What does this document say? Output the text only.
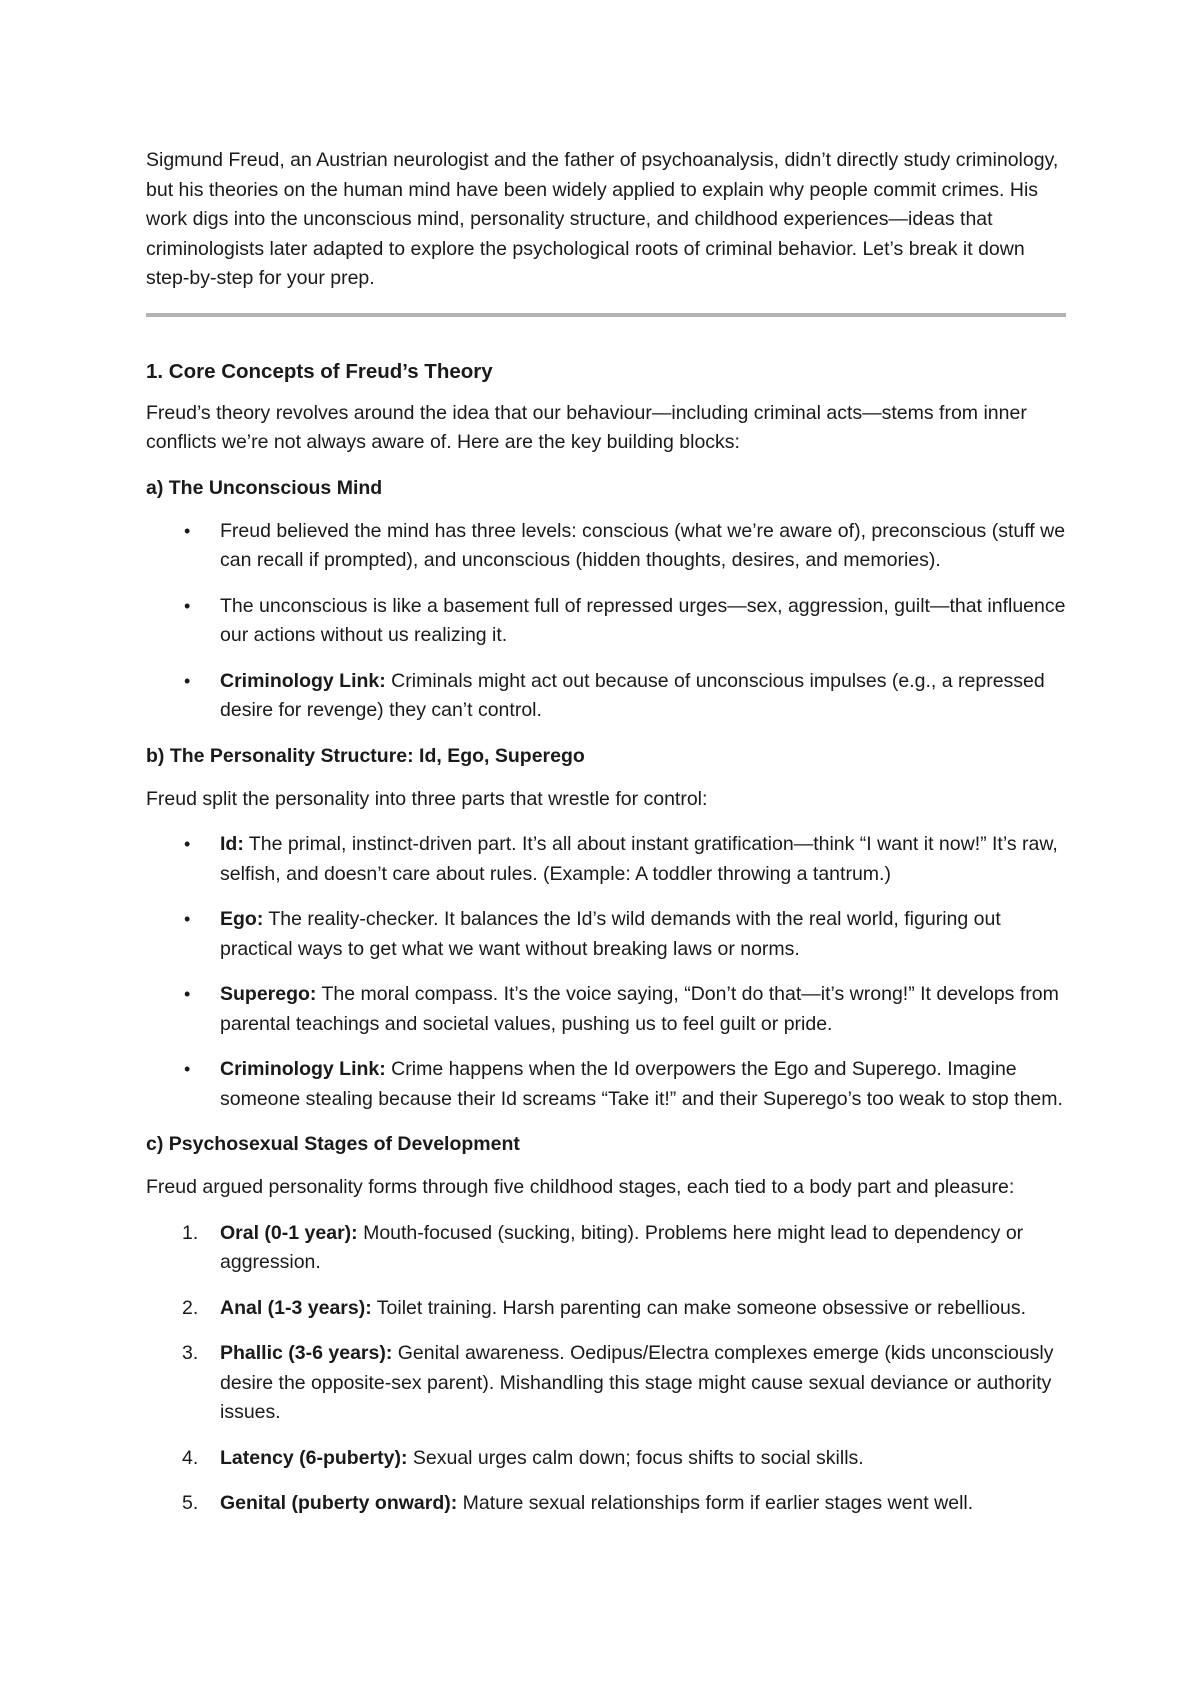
Sigmund Freud, an Austrian neurologist and the father of psychoanalysis, didn’t directly study criminology, but his theories on the human mind have been widely applied to explain why people commit crimes. His work digs into the unconscious mind, personality structure, and childhood experiences—ideas that criminologists later adapted to explore the psychological roots of criminal behavior. Let’s break it down step-by-step for your prep.

1. Core Concepts of Freud’s Theory

Freud’s theory revolves around the idea that our behaviour—including criminal acts—stems from inner conflicts we’re not always aware of. Here are the key building blocks:

a) The Unconscious Mind
• Freud believed the mind has three levels: conscious (what we’re aware of), preconscious (stuff we can recall if prompted), and unconscious (hidden thoughts, desires, and memories).
• The unconscious is like a basement full of repressed urges—sex, aggression, guilt—that influence our actions without us realizing it.
• Criminology Link: Criminals might act out because of unconscious impulses (e.g., a repressed desire for revenge) they can’t control.
b) The Personality Structure: Id, Ego, Superego

Freud split the personality into three parts that wrestle for control:

• Id: The primal, instinct-driven part. It’s all about instant gratification—think “I want it now!” It’s raw, selfish, and doesn’t care about rules. (Example: A toddler throwing a tantrum.)
• Ego: The reality-checker. It balances the Id’s wild demands with the real world, figuring out practical ways to get what we want without breaking laws or norms.
• Superego: The moral compass. It’s the voice saying, “Don’t do that—it’s wrong!” It develops from parental teachings and societal values, pushing us to feel guilt or pride.
• Criminology Link: Crime happens when the Id overpowers the Ego and Superego. Imagine someone stealing because their Id screams “Take it!” and their Superego’s too weak to stop them.
c) Psychosexual Stages of Development

Freud argued personality forms through five childhood stages, each tied to a body part and pleasure:

1. Oral (0-1 year): Mouth-focused (sucking, biting). Problems here might lead to dependency or aggression.
2. Anal (1-3 years): Toilet training. Harsh parenting can make someone obsessive or rebellious.
3. Phallic (3-6 years): Genital awareness. Oedipus/Electra complexes emerge (kids unconsciously desire the opposite-sex parent). Mishandling this stage might cause sexual deviance or authority issues.
4. Latency (6-puberty): Sexual urges calm down; focus shifts to social skills.
5. Genital (puberty onward): Mature sexual relationships form if earlier stages went well.
